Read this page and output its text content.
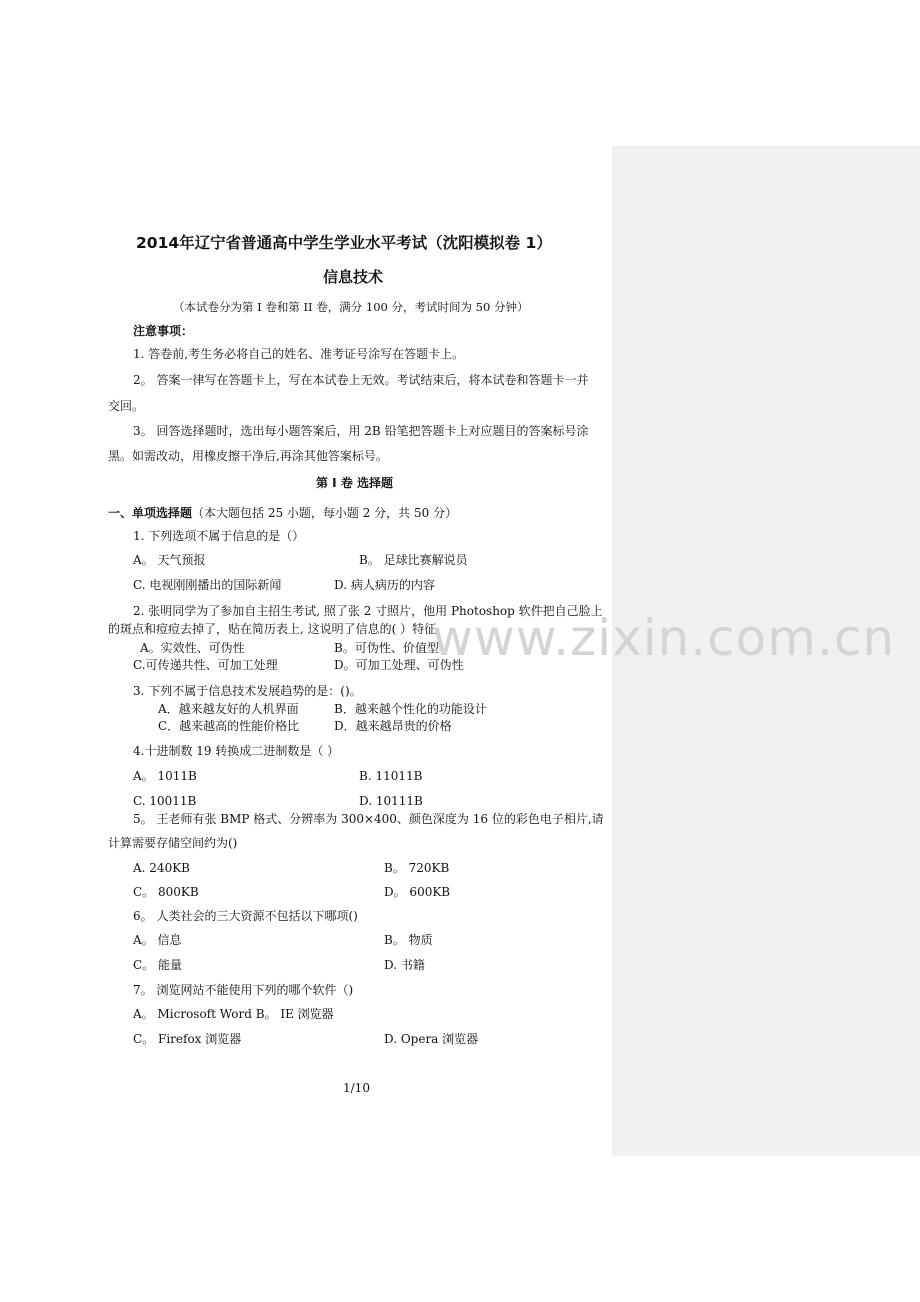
2014年辽宁省普通高中学生学业水平考试（沈阳模拟卷 1）
信息技术
（本试卷分为第 I 卷和第 II 卷，满分 100 分，考试时间为 50 分钟）
注意事项：
1. 答卷前,考生务必将自己的姓名、准考证号涂写在答题卡上。
2。 答案一律写在答题卡上，写在本试卷上无效。考试结束后，将本试卷和答题卡一并
交回。
3。 回答选择题时，选出每小题答案后，用 2B 铅笔把答题卡上对应题目的答案标号涂
黑。如需改动，用橡皮擦干净后,再涂其他答案标号。
第 I 卷 选择题
一、单项选择题（本大题包括 25 小题，每小题 2 分，共 50 分）
1. 下列选项不属于信息的是（）
A。 天气预报	B。 足球比赛解说员
C. 电视刚刚播出的国际新闻	D. 病人病历的内容
2. 张明同学为了参加自主招生考试, 照了张 2 寸照片，他用 Photoshop 软件把自己脸上
的斑点和痘痘去掉了，贴在简历表上, 这说明了信息的( ）特征.
A。实效性、可伪性	B。可伪性、价值型
C.可传递共性、可加工处理	D。可加工处理、可伪性
3. 下列不属于信息技术发展趋势的是：()。
A．越来越友好的人机界面	B．越来越个性化的功能设计
C．越来越高的性能价格比	D．越来越昂贵的价格
4.十进制数 19 转换成二进制数是（ ）
A。 1011B	B. 11011B
C. 10011B	D. 10111B
5。 王老师有张 BMP 格式、分辨率为 300×400、颜色深度为 16 位的彩色电子相片,请
计算需要存储空间约为()
A. 240KB	B。 720KB
C。 800KB	D。 600KB
6。 人类社会的三大资源不包括以下哪项()
A。 信息	B。 物质
C。 能量	D. 书籍
7。 浏览网站不能使用下列的哪个软件（)
A。 Microsoft Word B。 IE 浏览器
C。 Firefox 浏览器	D. Opera 浏览器
1/10
www.zixin.com.cn
